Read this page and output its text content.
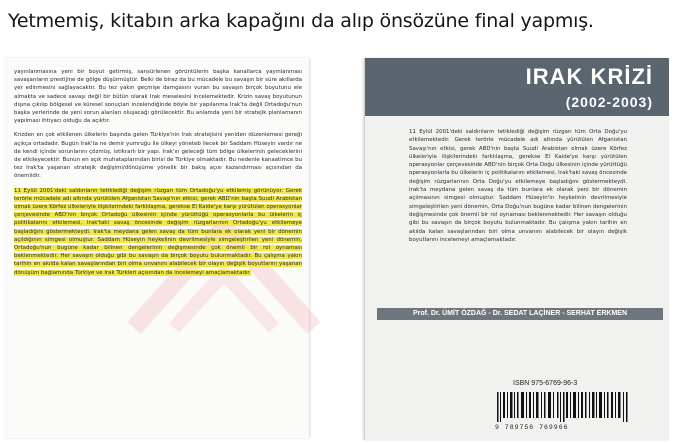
Yetmemiş, kitabın arka kapağını da alıp önsözüne final yapmış.

yayınlanmasına yeni bir boyut getirmiş, sansürlenen görüntülerin başka kanallarca yayınlanması savaşanların prestijine de gölge düşürmüştür. Belki de biraz da bu mücadele bu savaşın bir süre akıllarda yer edinmesini sağlayacaktır. Bu tez yakın geçmişe damgasını vuran bu savaşın birçok boyutunu ele almakta ve sadece savaşı değil bir bütün olarak Irak meselesini incelemektedir. Krizin savaş boyutunun dışına çıkılıp bölgesel ve küresel sonuçları incelendiğinde böyle bir yapılanma Irak'ta değil Ortadoğu'nun başka yerlerinde de yeni sorun alanları oluşacağı görülecektir. Bu anlamda yeni bir stratejik planlamanın yapılması ihtiyacı olduğu da açıktır.

Krizden en çok etkilenen ülkelerin başında gelen Türkiye'nin Irak stratejisini yeniden düzenlemesi gereği açıkça ortadadır. Bugün Irak'ta ne demir yumruğu ile ülkeyi yöneteb ilecek bir Saddam Hüseyin vardır ne de kendi içinde sorunlarını çözmüş, istikrarlı bir yapı. Irak'ın geleceği tüm bölge ülkelerinin geleceklerini de etkileyecektir. Bunun en açık muhataplarından birisi de Türkiye olmaktadır. Bu nedenle kanaatimce bu tez Irak'ta yaşanan stratejik değişimi/dönüşüme yönelik bir bakış açısı kazandırması açısından da önemlidir.

11 Eylül 2001'deki saldırıların tetiklediği değişim rüzgarı tüm Ortadoğu'yu etkilemiş görünüyor. Gerek terörle mücadele adı altında yürütülen Afganistan Savaşı'nın etkisi, gerek ABD'nin başta Suudi Arabistan olmak üzere Körfez ülkeleriyle ilişkilerindeki farklılaşma, gerekse El Kaide'ye karşı yürütülen operasyonlar çerçevesinde ABD'nin birçok Ortadoğu ülkesinin içinde yürüttüğü operasyonlarla bu ülkelerin iç politikalarını etkilemesi, Irak'taki savaş öncesinde değişim rüzgarlarının Ortadoğu'yu etkilemeye başladığını göstermekteydi. Irak'ta meydana gelen savaş da tüm bunlara ek olarak yeni bir dönemin açıldığının simgesi olmuştur. Saddam Hüseyin heykelinin devrilmesiyle simgeleştirilen yeni dönemin, Ortadoğu'nun bugüne kadar bilinen dengelerinin değişmesinde çok önemli bir rol oynaması beklenmektedir. Her savaşın olduğu gibi bu savaşın da birçok boyutu bulunmaktadır. Bu çalışma yakın tarihin en akılda kalan savaşlarından biri olma unvanını alabilecek bir olayın değişik boyutlarını yaşanan dönüşüm bağlamında Türkiye ve Irak Türkleri açısından da incelemeyi amaçlamaktadır.

IRAK KRİZİ
(2002-2003)
11 Eylül 2001'deki saldırıların tetiklediği değişim rüzgarı tüm Orta Doğu'yu etkilemektedir. Gerek terörle mücadele adı altında yürütülen Afganistan Savaşı'nın etkisi, gerek ABD'nin başta Suudi Arabistan olmak üzere Körfez ülkeleriyle ilişkilerindeki farklılaşma, gerekse El Kaide'ye karşı yürütülen operasyonlar çerçevesinde ABD'nin birçok Orta Doğu ülkesinin içinde yürüttüğü operasyonlarla bu ülkelerin iç politikalarını etkilemesi, Irak'taki savaş öncesinde değişim rüzgarlarının Orta Doğu'yu etkilemeye başladığını göstermekteydi. Irak'ta meydana gelen savaş da tüm bunlara ek olarak yeni bir dönemin açılmasının simgesi olmuştur. Saddam Hüseyin'in heykelinin devrilmesiyle simgeleştirilen yeni dönemin, Orta Doğu'nun bugüne kadar bilinen dengelerinin değişmesinde çok önemli bir rol oynaması beklenmektedir. Her savaşın olduğu gibi bu savaşın da birçok boyutu bulunmaktadır. Bu çalışma yakın tarihin en akılda kalan savaşlarından biri olma unvanını alabilecek bir olayın değişik boyutlarını incelemeyi amaçlamaktadır.
Prof. Dr. ÜMİT ÖZDAĞ - Dr. SEDAT LAÇİNER - SERHAT ERKMEN
ISBN 975-6769-96-3
9 789756 769966
